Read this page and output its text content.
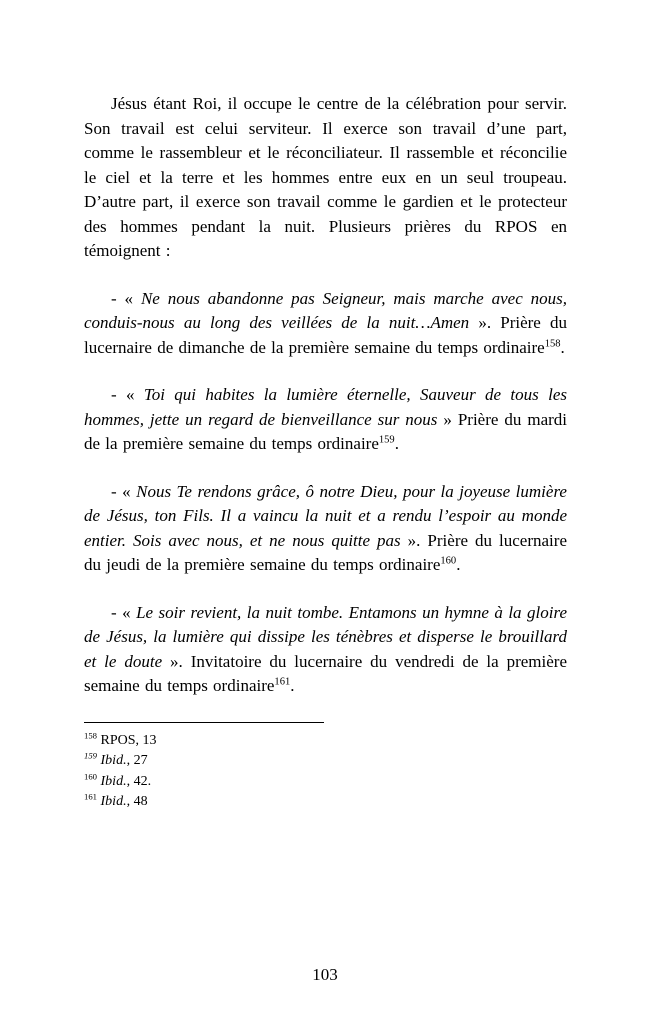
Jésus étant Roi, il occupe le centre de la célébration pour servir. Son travail est celui serviteur. Il exerce son travail d’une part, comme le rassembleur et le réconciliateur. Il rassemble et réconcilie le ciel et la terre et les hommes entre eux en un seul troupeau. D’autre part, il exerce son travail comme le gardien et le protecteur des hommes pendant la nuit. Plusieurs prières du RPOS en témoignent :

- « Ne nous abandonne pas Seigneur, mais marche avec nous, conduis-nous au long des veillées de la nuit…Amen ». Prière du lucernaire de dimanche de la première semaine du temps ordinaire$^{158}$.

- « Toi qui habites la lumière éternelle, Sauveur de tous les hommes, jette un regard de bienveillance sur nous » Prière du mardi de la première semaine du temps ordinaire$^{159}$.

- « Nous Te rendons grâce, ô notre Dieu, pour la joyeuse lumière de Jésus, ton Fils. Il a vaincu la nuit et a rendu l’espoir au monde entier. Sois avec nous, et ne nous quitte pas ». Prière du lucernaire du jeudi de la première semaine du temps ordinaire$^{160}$.

- « Le soir revient, la nuit tombe. Entamons un hymne à la gloire de Jésus, la lumière qui dissipe les ténèbres et disperse le brouillard et le doute ». Invitatoire du lucernaire du vendredi de la première semaine du temps ordinaire$^{161}$.

$^{158}$ RPOS, 13

$^{159}$ Ibid., 27

$^{160}$ Ibid., 42.

$^{161}$ Ibid., 48

103
